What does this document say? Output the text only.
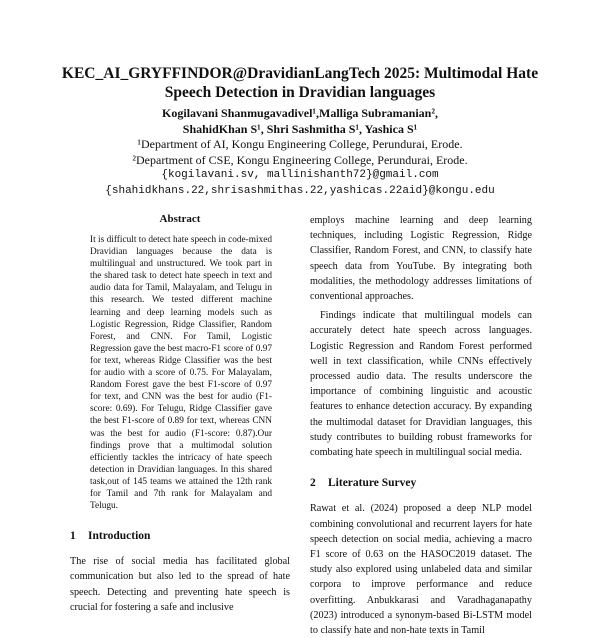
KEC_AI_GRYFFINDOR@DravidianLangTech 2025: Multimodal Hate Speech Detection in Dravidian languages
Kogilavani Shanmugavadivel¹,Malliga Subramanian²,
ShahidKhan S¹, Shri Sashmitha S¹, Yashica S¹
¹Department of AI, Kongu Engineering College, Perundurai, Erode.
²Department of CSE, Kongu Engineering College, Perundurai, Erode.
{kogilavani.sv, mallinishanth72}@gmail.com
{shahidkhans.22,shrisashmithas.22,yashicas.22aid}@kongu.edu
Abstract

It is difficult to detect hate speech in code-mixed Dravidian languages because the data is multilingual and unstructured. We took part in the shared task to detect hate speech in text and audio data for Tamil, Malayalam, and Telugu in this research. We tested different machine learning and deep learning models such as Logistic Regression, Ridge Classifier, Random Forest, and CNN. For Tamil, Logistic Regression gave the best macro-F1 score of 0.97 for text, whereas Ridge Classifier was the best for audio with a score of 0.75. For Malayalam, Random Forest gave the best F1-score of 0.97 for text, and CNN was the best for audio (F1-score: 0.69). For Telugu, Ridge Classifier gave the best F1-score of 0.89 for text, whereas CNN was the best for audio (F1-score: 0.87).Our findings prove that a multimodal solution efficiently tackles the intricacy of hate speech detection in Dravidian languages. In this shared task,out of 145 teams we attained the 12th rank for Tamil and 7th rank for Malayalam and Telugu.

1 Introduction

The rise of social media has facilitated global communication but also led to the spread of hate speech. Detecting and preventing hate speech is crucial for fostering a safe and inclusive

employs machine learning and deep learning techniques, including Logistic Regression, Ridge Classifier, Random Forest, and CNN, to classify hate speech data from YouTube. By integrating both modalities, the methodology addresses limitations of conventional approaches.

Findings indicate that multilingual models can accurately detect hate speech across languages. Logistic Regression and Random Forest performed well in text classification, while CNNs effectively processed audio data. The results underscore the importance of combining linguistic and acoustic features to enhance detection accuracy. By expanding the multimodal dataset for Dravidian languages, this study contributes to building robust frameworks for combating hate speech in multilingual social media.

2 Literature Survey

Rawat et al. (2024) proposed a deep NLP model combining convolutional and recurrent layers for hate speech detection on social media, achieving a macro F1 score of 0.63 on the HASOC2019 dataset. The study also explored using unlabeled data and similar corpora to improve performance and reduce overfitting. Anbukkarasi and Varadhaganapathy (2023) introduced a synonym-based Bi-LSTM model to classify hate and non-hate texts in Tamil
